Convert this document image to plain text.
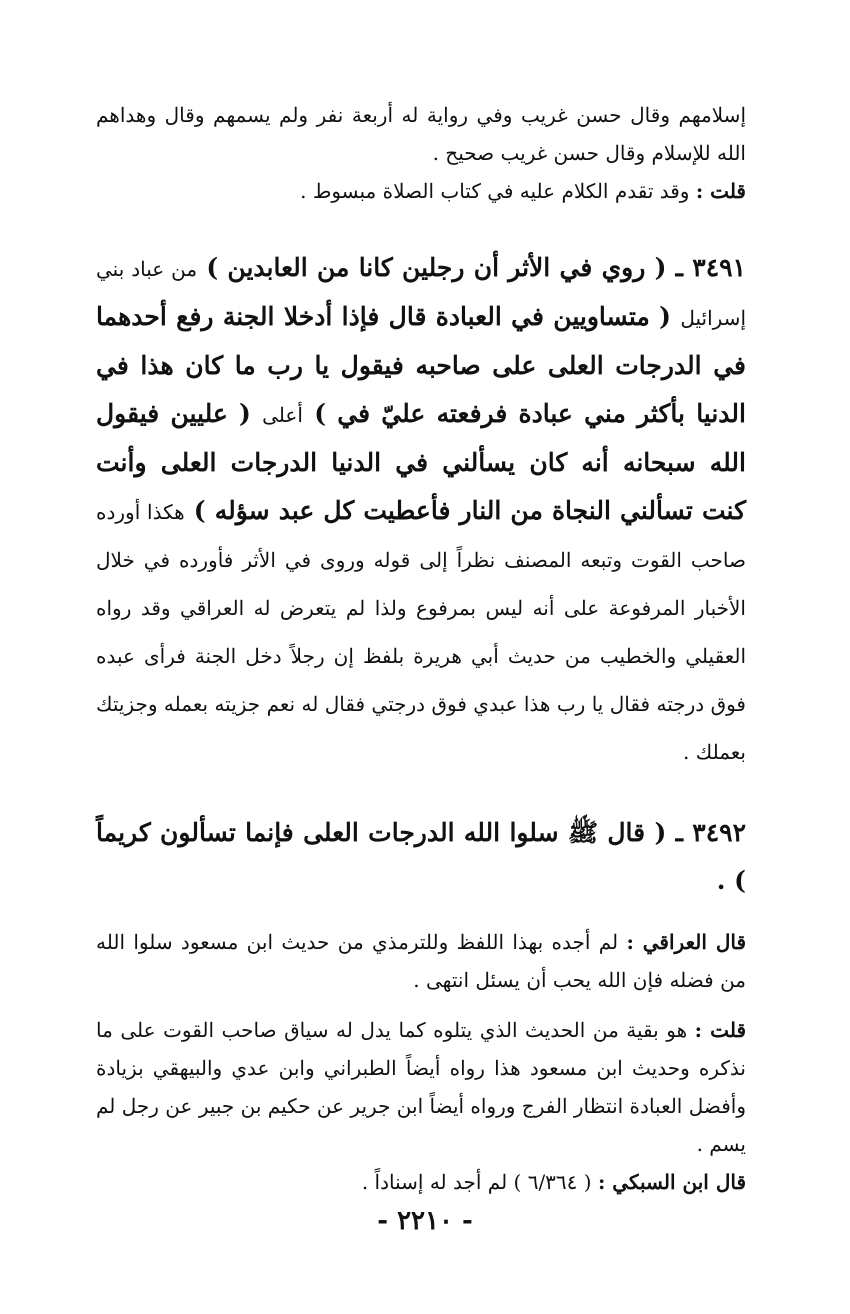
إسلامهم وقال حسن غريب وفي رواية له أربعة نفر ولم يسمهم وقال وهداهم الله للإسلام وقال حسن غريب صحيح .

قلت : وقد تقدم الكلام عليه في كتاب الصلاة مبسوط .

٣٤٩١ ـ ( روي في الأثر أن رجلين كانا من العابدين ) من عباد بني إسرائيل ( متساويين في العبادة قال فإذا أدخلا الجنة رفع أحدهما في الدرجات العلى على صاحبه فيقول يا رب ما كان هذا في الدنيا بأكثر مني عبادة فرفعته عليّ في ) أعلى ( عليين فيقول الله سبحانه أنه كان يسألني في الدنيا الدرجات العلى وأنت كنت تسألني النجاة من النار فأعطيت كل عبد سؤله ) هكذا أورده صاحب القوت وتبعه المصنف نظراً إلى قوله وروى في الأثر فأورده في خلال الأخبار المرفوعة على أنه ليس بمرفوع ولذا لم يتعرض له العراقي وقد رواه العقيلي والخطيب من حديث أبي هريرة بلفظ إن رجلاً دخل الجنة فرأى عبده فوق درجته فقال يا رب هذا عبدي فوق درجتي فقال له نعم جزيته بعمله وجزيتك بعملك .

٣٤٩٢ ـ ( قال ﷺ سلوا الله الدرجات العلى فإنما تسألون كريماً ) .

قال العراقي : لم أجده بهذا اللفظ وللترمذي من حديث ابن مسعود سلوا الله من فضله فإن الله يحب أن يسئل انتهى .

قلت : هو بقية من الحديث الذي يتلوه كما يدل له سياق صاحب القوت على ما نذكره وحديث ابن مسعود هذا رواه أيضاً الطبراني وابن عدي والبيهقي بزيادة وأفضل العبادة انتظار الفرج ورواه أيضاً ابن جرير عن حكيم بن جبير عن رجل لم يسم .

قال ابن السبكي : ( ٦/٣٦٤ ) لم أجد له إسناداً .

- ٢٢١٠ -
